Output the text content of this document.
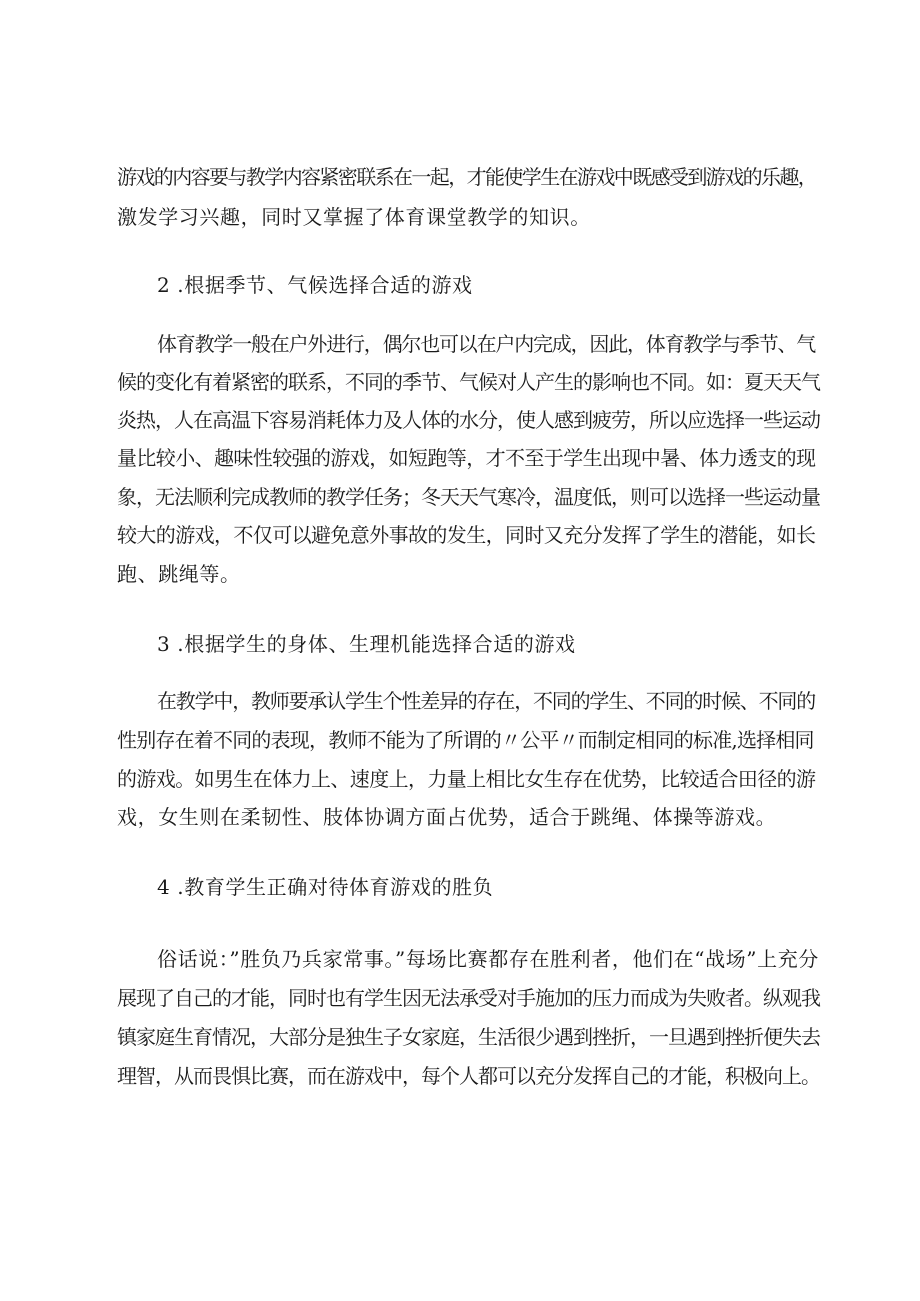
游戏的内容要与教学内容紧密联系在一起，才能使学生在游戏中既感受到游戏的乐趣，
激发学习兴趣，同时又掌握了体育课堂教学的知识。
2 .根据季节、气候选择合适的游戏
体育教学一般在户外进行，偶尔也可以在户内完成，因此，体育教学与季节、气
候的变化有着紧密的联系，不同的季节、气候对人产生的影响也不同。如：夏天天气
炎热，人在高温下容易消耗体力及人体的水分，使人感到疲劳，所以应选择一些运动
量比较小、趣味性较强的游戏，如短跑等，才不至于学生出现中暑、体力透支的现
象，无法顺利完成教师的教学任务；冬天天气寒冷，温度低，则可以选择一些运动量
较大的游戏，不仅可以避免意外事故的发生，同时又充分发挥了学生的潜能，如长
跑、跳绳等。
3 .根据学生的身体、生理机能选择合适的游戏
在教学中，教师要承认学生个性差异的存在，不同的学生、不同的时候、不同的
性别存在着不同的表现，教师不能为了所谓的〃公平〃而制定相同的标准,选择相同
的游戏。如男生在体力上、速度上，力量上相比女生存在优势，比较适合田径的游
戏，女生则在柔韧性、肢体协调方面占优势，适合于跳绳、体操等游戏。
4 .教育学生正确对待体育游戏的胜负
俗话说：”胜负乃兵家常事。”每场比赛都存在胜利者，他们在“战场”上充分
展现了自己的才能，同时也有学生因无法承受对手施加的压力而成为失败者。纵观我
镇家庭生育情况，大部分是独生子女家庭，生活很少遇到挫折，一旦遇到挫折便失去
理智，从而畏惧比赛，而在游戏中，每个人都可以充分发挥自己的才能，积极向上。
